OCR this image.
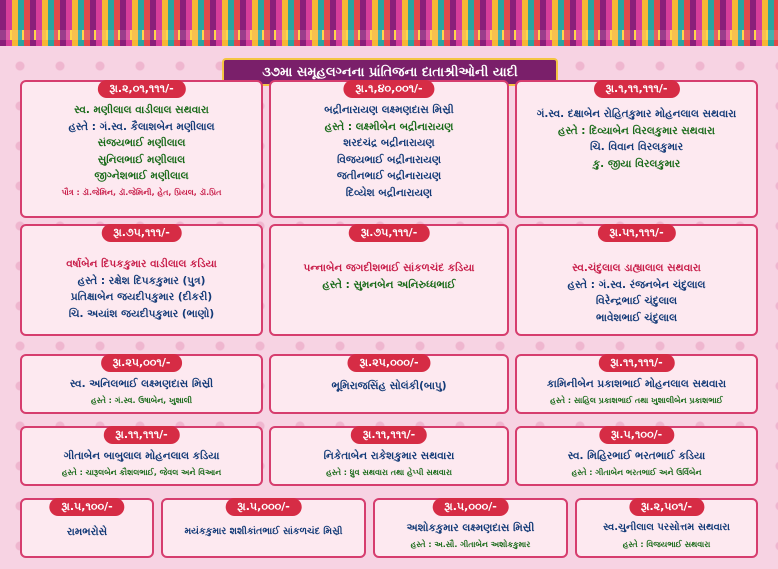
૩૭મા સમૂહલગ્નના પ્રાંતિજના દાતાશ્રીઓની યાદી
રૂા.૨,૦૧,૧૧૧/-
સ્વ. મણીલાલ વાડીલાલ સથવારા
હસ્તે : ગં.સ્વ. કૈલાશબેન મણીલાલ
સંજયભાઈ મણીલાલ
સુનિલભાઈ મણીલાલ
જીગ્નેશભાઈ મણીલાલ
પૌત્ર : ડૉ.જેમિન, ડૉ.જેમિની, હેત, પ્રિયલ, ડૉ.પ્રિત
રૂા.૧,૪૦,૦૦૧/-
બદ્રીનારાયણ લક્ષ્મણદાસ મિસ્રી
હસ્તે : લક્ષ્મીબેન બદ્રીનારાયણ
શરદચંદ્ર બદ્રીનારાયણ
વિજયભાઈ બદ્રીનારાયણ
જતીનભાઈ બદ્રીનારાયણ
દિવ્યેશ બદ્રીનારાયણ
રૂા.૧,૧૧,૧૧૧/-
ગં.સ્વ. દક્ષાબેન રોહિતકુમાર મોહનલાલ સથવારા
હસ્તે : દિવ્યાબેન વિરલકુમાર સથવારા
ચિ. વિવાન વિરલકુમાર
કુ. જીયા વિરલકુમાર
રૂા.૭૫,૧૧૧/-
વર્ષાબેન દિપકકુમાર વાડીલાલ કડિયા
હસ્તે : રક્ષેશ દિપકકુમાર (પુત્ર)
પ્રતિક્ષાબેન જયદીપકુમાર (દીકરી)
ચિ. અયાંશ જયદીપકુમાર (ભાણો)
રૂા.૭૫,૧૧૧/-
પન્નાબેન જગદીશભાઈ સાંકળચંદ કડિયા
હસ્તે : સુમનબેન અનિરુધ્ધભાઈ
રૂા.૫૧,૧૧૧/-
સ્વ.ચંદુલાલ ડાહ્યાલાલ સથવારા
હસ્તે : ગં.સ્વ. રંજનબેન ચંદુલાલ
વિરેન્દ્રભાઈ ચંદુલાલ
ભાવેશભાઈ ચંદુલાલ
રૂા.૨૫,૦૦૧/-
સ્વ. અનિલભાઈ લક્ષ્મણદાસ મિસ્રી
હસ્તે : ગં.સ્વ. ઉષાબેન, ખુશાલી
રૂા.૨૫,૦૦૦/-
ભૂમિરાજસિંહ સોલંકી(બાપુ)
રૂા.૧૧,૧૧૧/-
કામિનીબેન પ્રકાશભાઈ મોહનલાલ સથવારા
હસ્તે : સાહિલ પ્રકાશભાઈ તથા ખુશાલીબેન પ્રકાશભાઈ
રૂા.૧૧,૧૧૧/-
ગીતાબેન બાબુલાલ મોહનલાલ કડિયા
હસ્તે : ચારૂલબેન કૌશલભાઈ, જેવલ અને વિઆન
રૂા.૧૧,૧૧૧/-
નિકેતાબેન રાકેશકુમાર સથવારા
હસ્તે : ધ્રુવ સથવારા તથા હેપ્પી સથવારા
રૂા.૫,૧૦૦/-
સ્વ. મિહિરભાઈ ભરતભાઈ કડિયા
હસ્તે : ગીતાબેન ભરતભાઈ અને ઉર્વિબેન
રૂા.૫,૧૦૦/-
રામભરોસે
રૂા.૫,૦૦૦/-
મયંકકુમાર શશીકાંતભાઈ સાંકળચંદ મિસ્રી
રૂા.૫,૦૦૦/-
અશોકકુમાર લક્ષ્મણદાસ મિસ્રી
હસ્તે : અ.સૌ. ગીતાબેન અશોકકુમાર
રૂા.૨,૫૦૧/-
સ્વ.ચુનીલાલ પરસોત્તમ સથવારા
હસ્તે : વિજયભાઈ સથવારા
